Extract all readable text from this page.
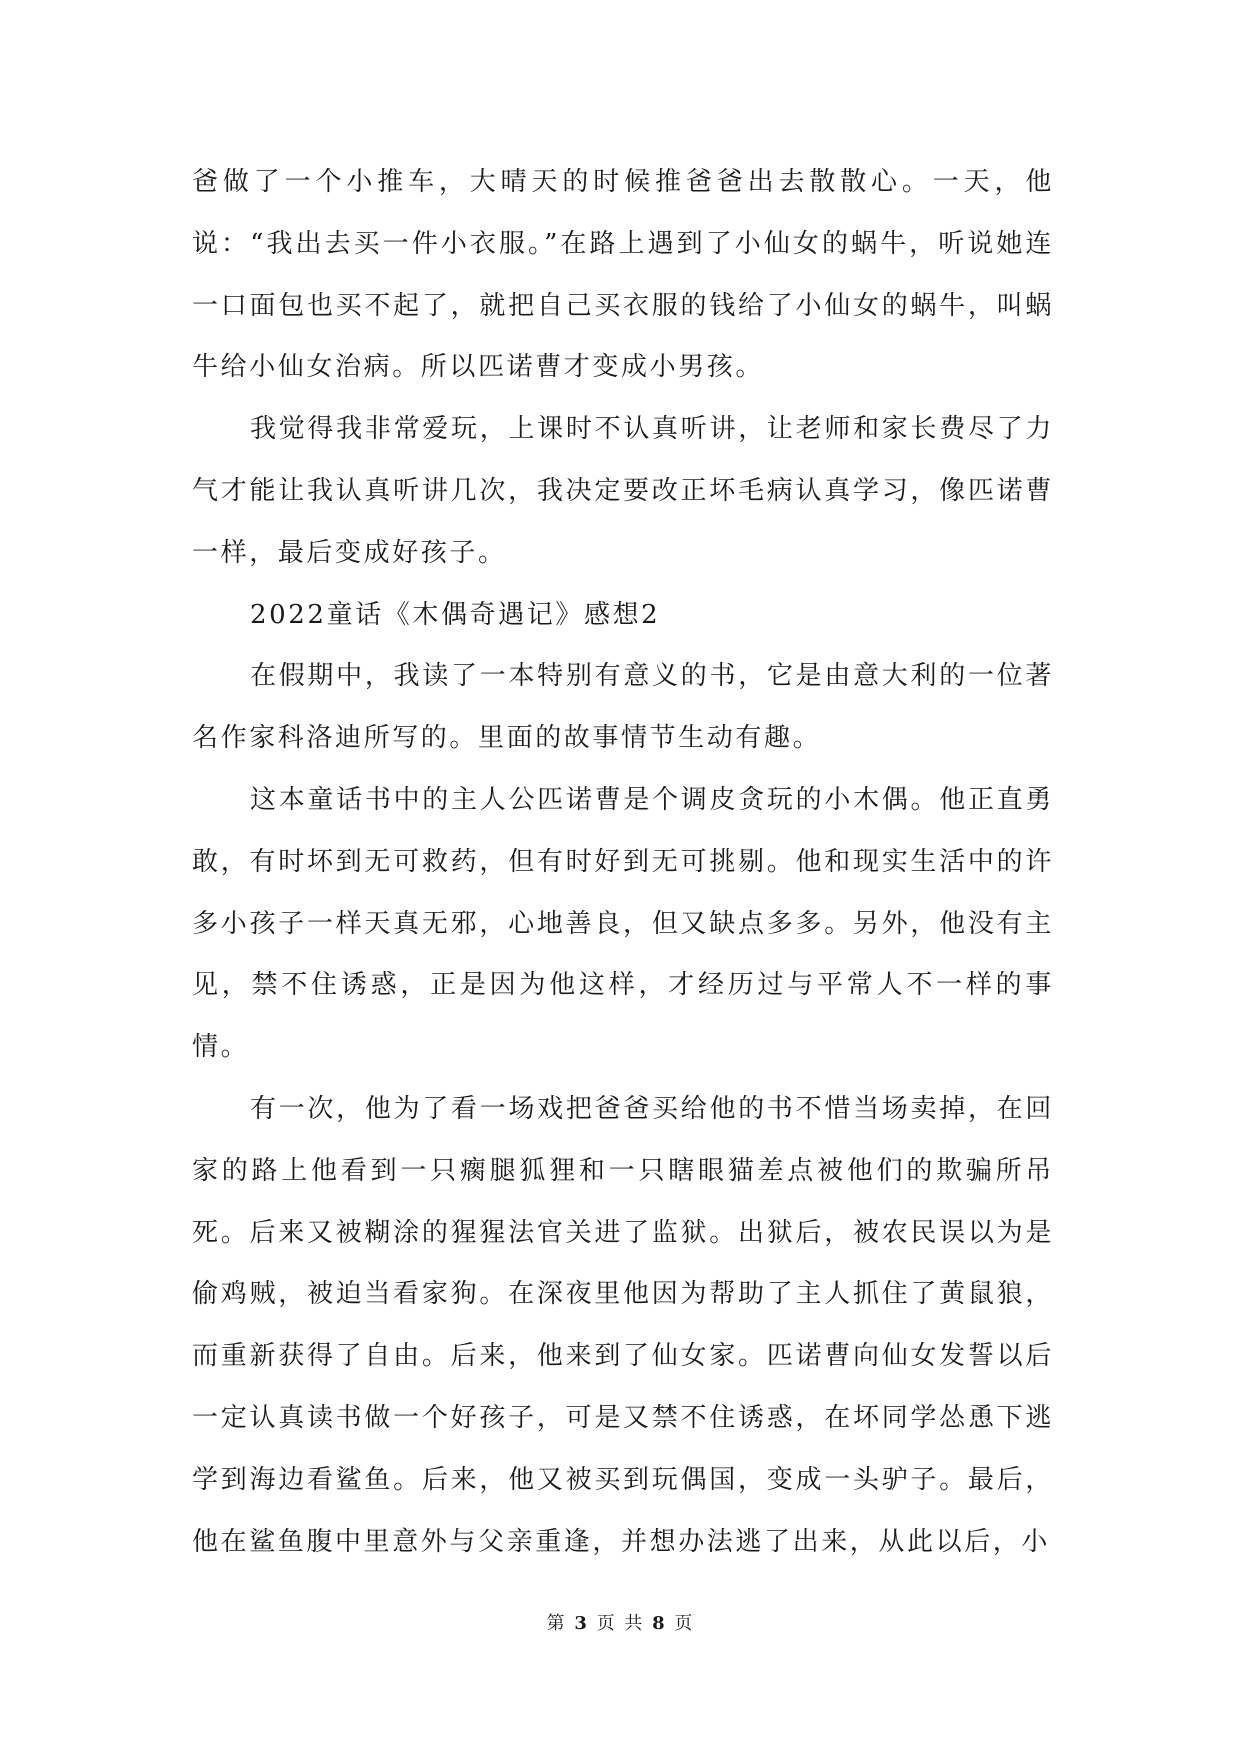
爸做了一个小推车，大晴天的时候推爸爸出去散散心。一天，他说：“我出去买一件小衣服。”在路上遇到了小仙女的蜗牛，听说她连一口面包也买不起了，就把自己买衣服的钱给了小仙女的蜗牛，叫蜗牛给小仙女治病。所以匹诺曹才变成小男孩。

我觉得我非常爱玩，上课时不认真听讲，让老师和家长费尽了力气才能让我认真听讲几次，我决定要改正坏毛病认真学习，像匹诺曹一样，最后变成好孩子。

2022童话《木偶奇遇记》感想2

在假期中，我读了一本特别有意义的书，它是由意大利的一位著名作家科洛迪所写的。里面的故事情节生动有趣。

这本童话书中的主人公匹诺曹是个调皮贪玩的小木偶。他正直勇敢，有时坏到无可救药，但有时好到无可挑剔。他和现实生活中的许多小孩子一样天真无邪，心地善良，但又缺点多多。另外，他没有主见，禁不住诱惑，正是因为他这样，才经历过与平常人不一样的事情。

有一次，他为了看一场戏把爸爸买给他的书不惜当场卖掉，在回家的路上他看到一只瘸腿狐狸和一只瞎眼猫差点被他们的欺骗所吊死。后来又被糊涂的猩猩法官关进了监狱。出狱后，被农民误以为是偷鸡贼，被迫当看家狗。在深夜里他因为帮助了主人抓住了黄鼠狼，而重新获得了自由。后来，他来到了仙女家。匹诺曹向仙女发誓以后一定认真读书做一个好孩子，可是又禁不住诱惑，在坏同学怂恿下逃学到海边看鲨鱼。后来，他又被买到玩偶国，变成一头驴子。最后，他在鲨鱼腹中里意外与父亲重逢，并想办法逃了出来，从此以后，小

第 3 页 共 8 页
